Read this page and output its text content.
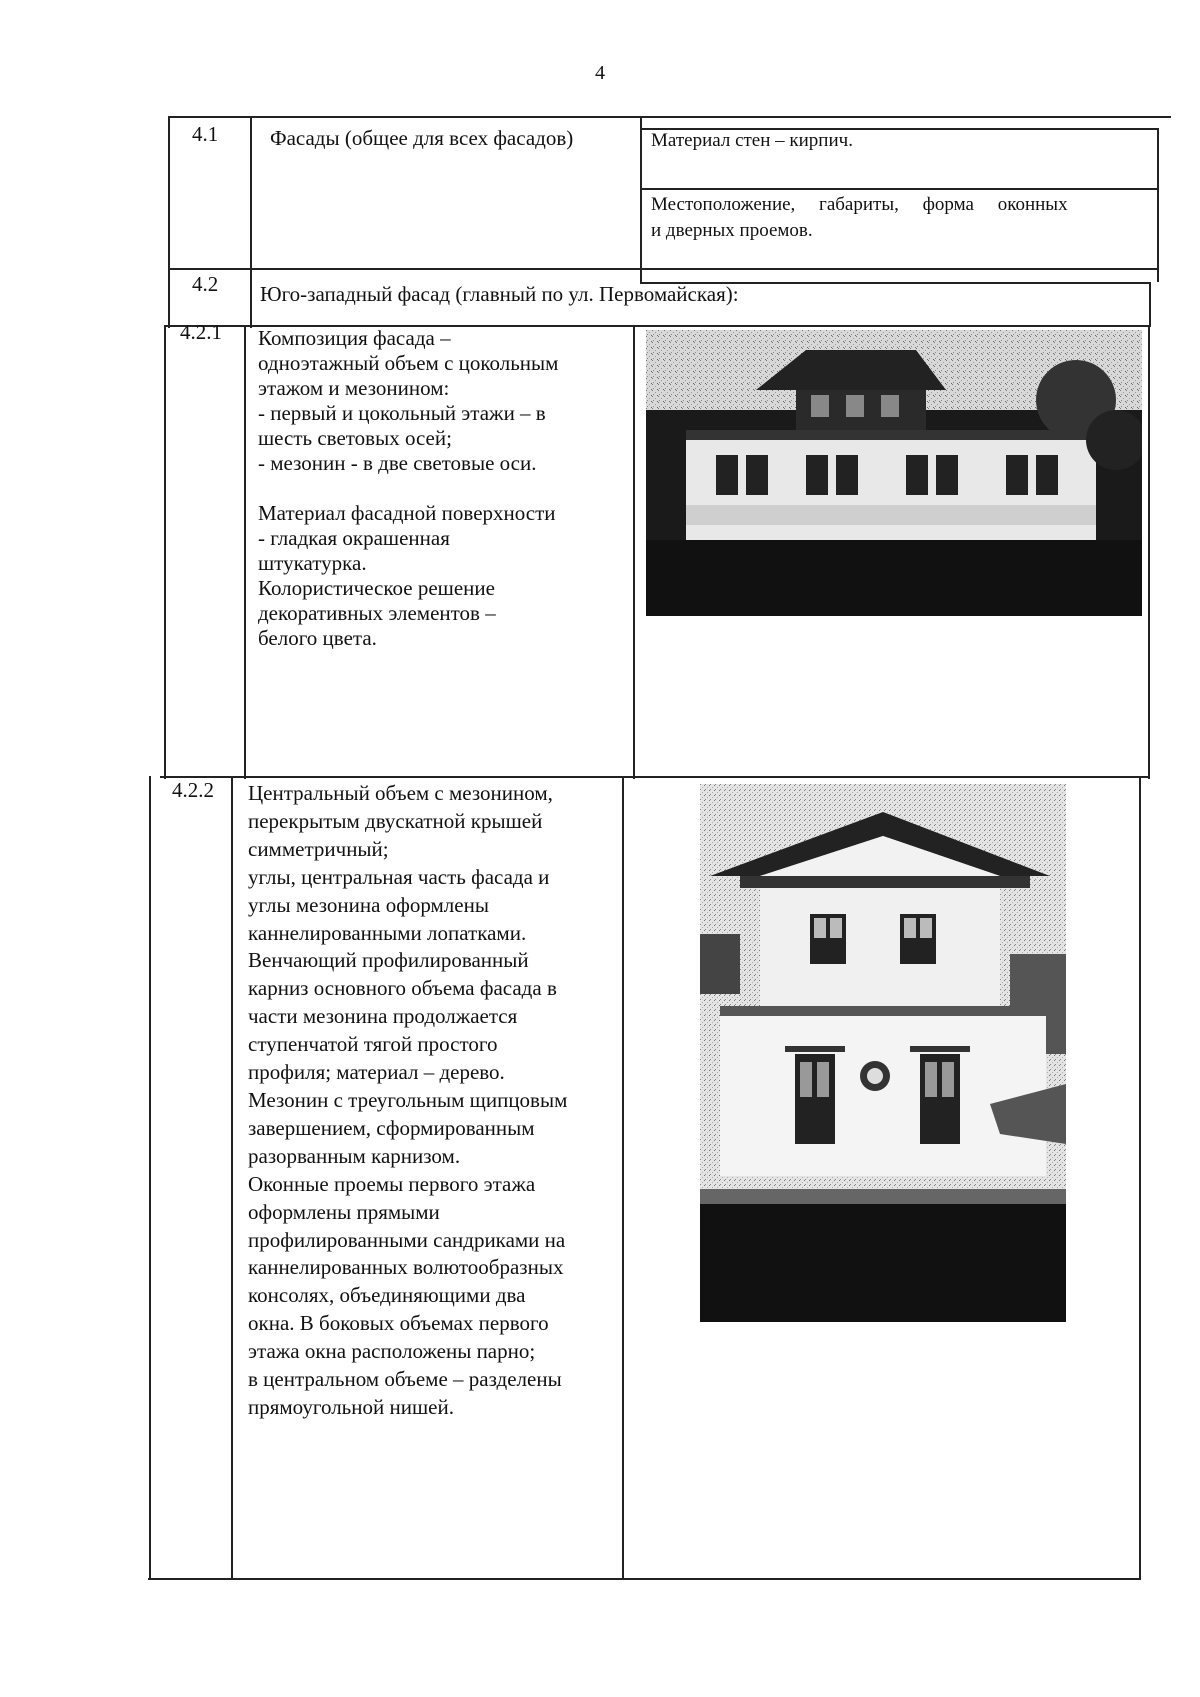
4
4.1 Фасады (общее для всех фасадов)	Материал стен – кирпич.
Местоположение,     габариты,     форма     оконных
и дверных проемов.
4.2 Юго-западный фасад (главный по ул. Первомайская):
4.2.1 Композиция фасада –
одноэтажный объем с цокольным
этажом и мезонином:
- первый и цокольный этажи – в
шесть световых осей;
- мезонин - в две световые оси.

Материал фасадной поверхности
- гладкая окрашенная
штукатурка.
Колористическое решение
декоративных элементов –
белого цвета.
4.2.2 Центральный объем с мезонином,
перекрытым двускатной крышей
симметричный;
углы, центральная часть фасада и
углы мезонина оформлены
каннелированными лопатками.
Венчающий профилированный
карниз основного объема фасада в
части мезонина продолжается
ступенчатой тягой простого
профиля; материал – дерево.
Мезонин с треугольным щипцовым
завершением, сформированным
разорванным карнизом.
Оконные проемы первого этажа
оформлены прямыми
профилированными сандриками на
каннелированных волютообразных
консолях, объединяющими два
окна. В боковых объемах первого
этажа окна расположены парно;
в центральном объеме – разделены
прямоугольной нишей.
